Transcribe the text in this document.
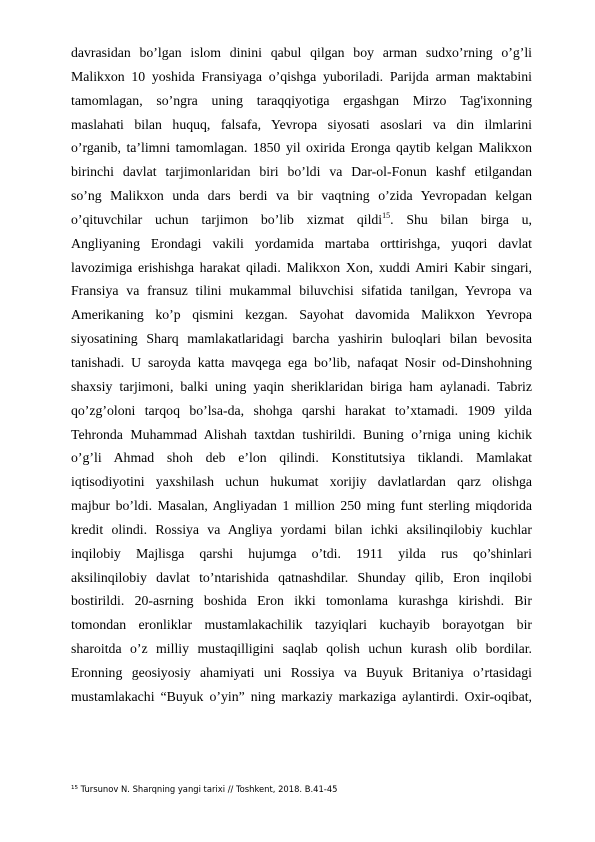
davrasidan bo’lgan islom dinini qabul qilgan boy arman sudxo’rning o’g’li
Malikxon 10 yoshida Fransiyaga o’qishga yuboriladi. Parijda arman maktabini
tamomlagan, so’ngra uning taraqqiyotiga ergashgan Mirzo Tag'ixonning
maslahati bilan huquq, falsafa, Yevropa siyosati asoslari va din ilmlarini
o’rganib, ta’limni tamomlagan. 1850 yil oxirida Eronga qaytib kelgan Malikxon
birinchi davlat tarjimonlaridan biri bo’ldi va Dar-ol-Fonun kashf etilgandan
so’ng Malikxon unda dars berdi va bir vaqtning o’zida Yevropadan kelgan
o’qituvchilar uchun tarjimon bo’lib xizmat qildi$^{15}$. Shu bilan birga u,
Angliyaning Erondagi vakili yordamida martaba orttirishga, yuqori davlat
lavozimiga erishishga harakat qiladi. Malikxon Xon, xuddi Amiri Kabir singari,
Fransiya va fransuz tilini mukammal biluvchisi sifatida tanilgan, Yevropa va
Amerikaning ko’p qismini kezgan. Sayohat davomida Malikxon Yevropa
siyosatining Sharq mamlakatlaridagi barcha yashirin buloqlari bilan bevosita
tanishadi. U saroyda katta mavqega ega bo’lib, nafaqat Nosir od-Dinshohning
shaxsiy tarjimoni, balki uning yaqin sheriklaridan biriga ham aylanadi. Tabriz
qo’zg’oloni tarqoq bo’lsa-da, shohga qarshi harakat to’xtamadi. 1909 yilda
Tehronda Muhammad Alishah taxtdan tushirildi. Buning o’rniga uning kichik
o’g’li Ahmad shoh deb e’lon qilindi. Konstitutsiya tiklandi. Mamlakat
iqtisodiyotini yaxshilash uchun hukumat xorijiy davlatlardan qarz olishga
majbur bo’ldi. Masalan, Angliyadan 1 million 250 ming funt sterling miqdorida
kredit olindi. Rossiya va Angliya yordami bilan ichki aksilinqilobiy kuchlar
inqilobiy Majlisga qarshi hujumga o’tdi. 1911 yilda rus qo’shinlari
aksilinqilobiy davlat to’ntarishida qatnashdilar. Shunday qilib, Eron inqilobi
bostirildi. 20-asrning boshida Eron ikki tomonlama kurashga kirishdi. Bir
tomondan eronliklar mustamlakachilik tazyiqlari kuchayib borayotgan bir
sharoitda o’z milliy mustaqilligini saqlab qolish uchun kurash olib bordilar.
Eronning geosiyosiy ahamiyati uni Rossiya va Buyuk Britaniya o’rtasidagi
mustamlakachi “Buyuk o’yin” ning markaziy markaziga aylantirdi. Oxir-oqibat,
$^{15}$ Tursunov N. Sharqning yangi tarixi // Toshkent, 2018. B.41-45
